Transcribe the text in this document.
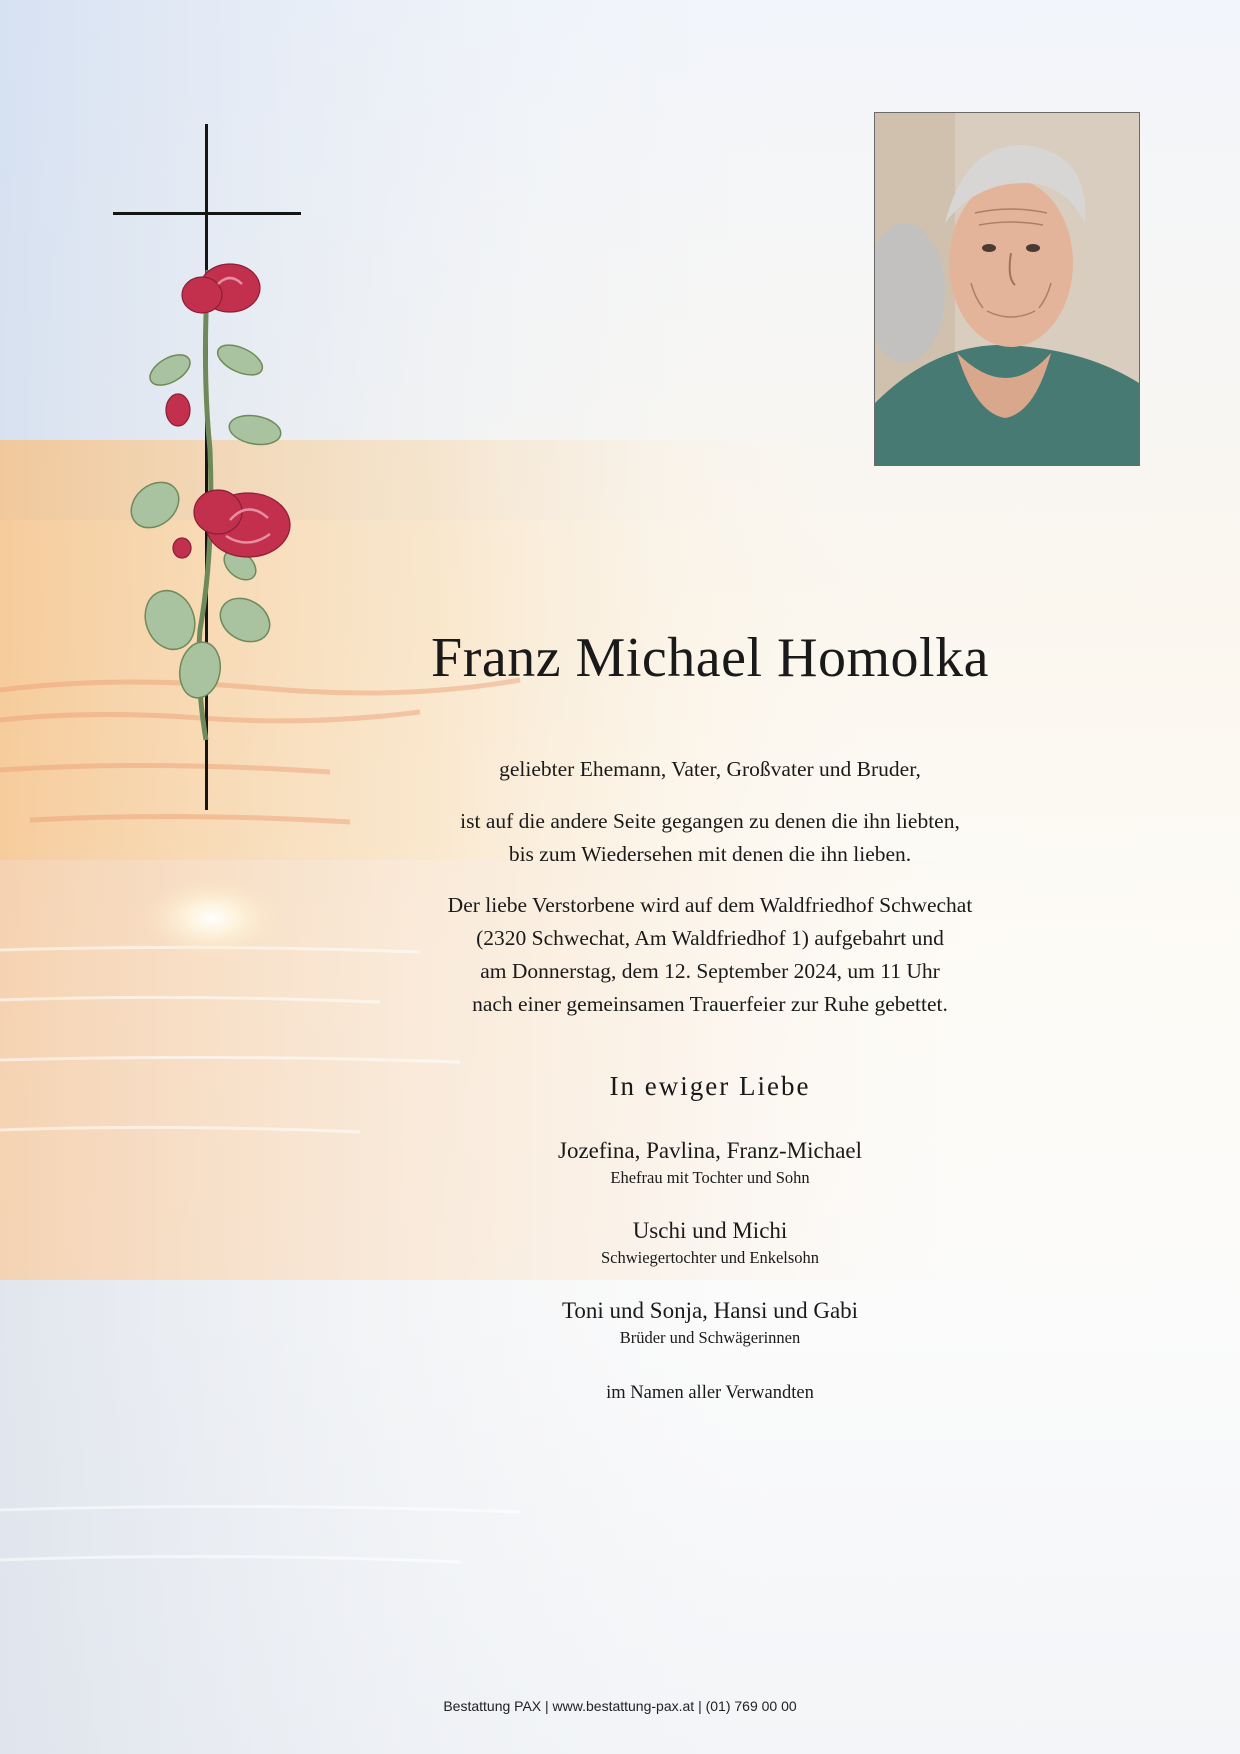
Franz Michael Homolka

geliebter Ehemann, Vater, Großvater und Bruder,

ist auf die andere Seite gegangen zu denen die ihn liebten,

bis zum Wiedersehen mit denen die ihn lieben.

Der liebe Verstorbene wird auf dem Waldfriedhof Schwechat

(2320 Schwechat, Am Waldfriedhof 1) aufgebahrt und

am Donnerstag, dem 12. September 2024, um 11 Uhr

nach einer gemeinsamen Trauerfeier zur Ruhe gebettet.

In ewiger Liebe
Jozefina, Pavlina, Franz-Michael
Ehefrau mit Tochter und Sohn
Uschi und Michi
Schwiegertochter und Enkelsohn
Toni und Sonja, Hansi und Gabi
Brüder und Schwägerinnen
im Namen aller Verwandten
Bestattung PAX | www.bestattung-pax.at | (01) 769 00 00
